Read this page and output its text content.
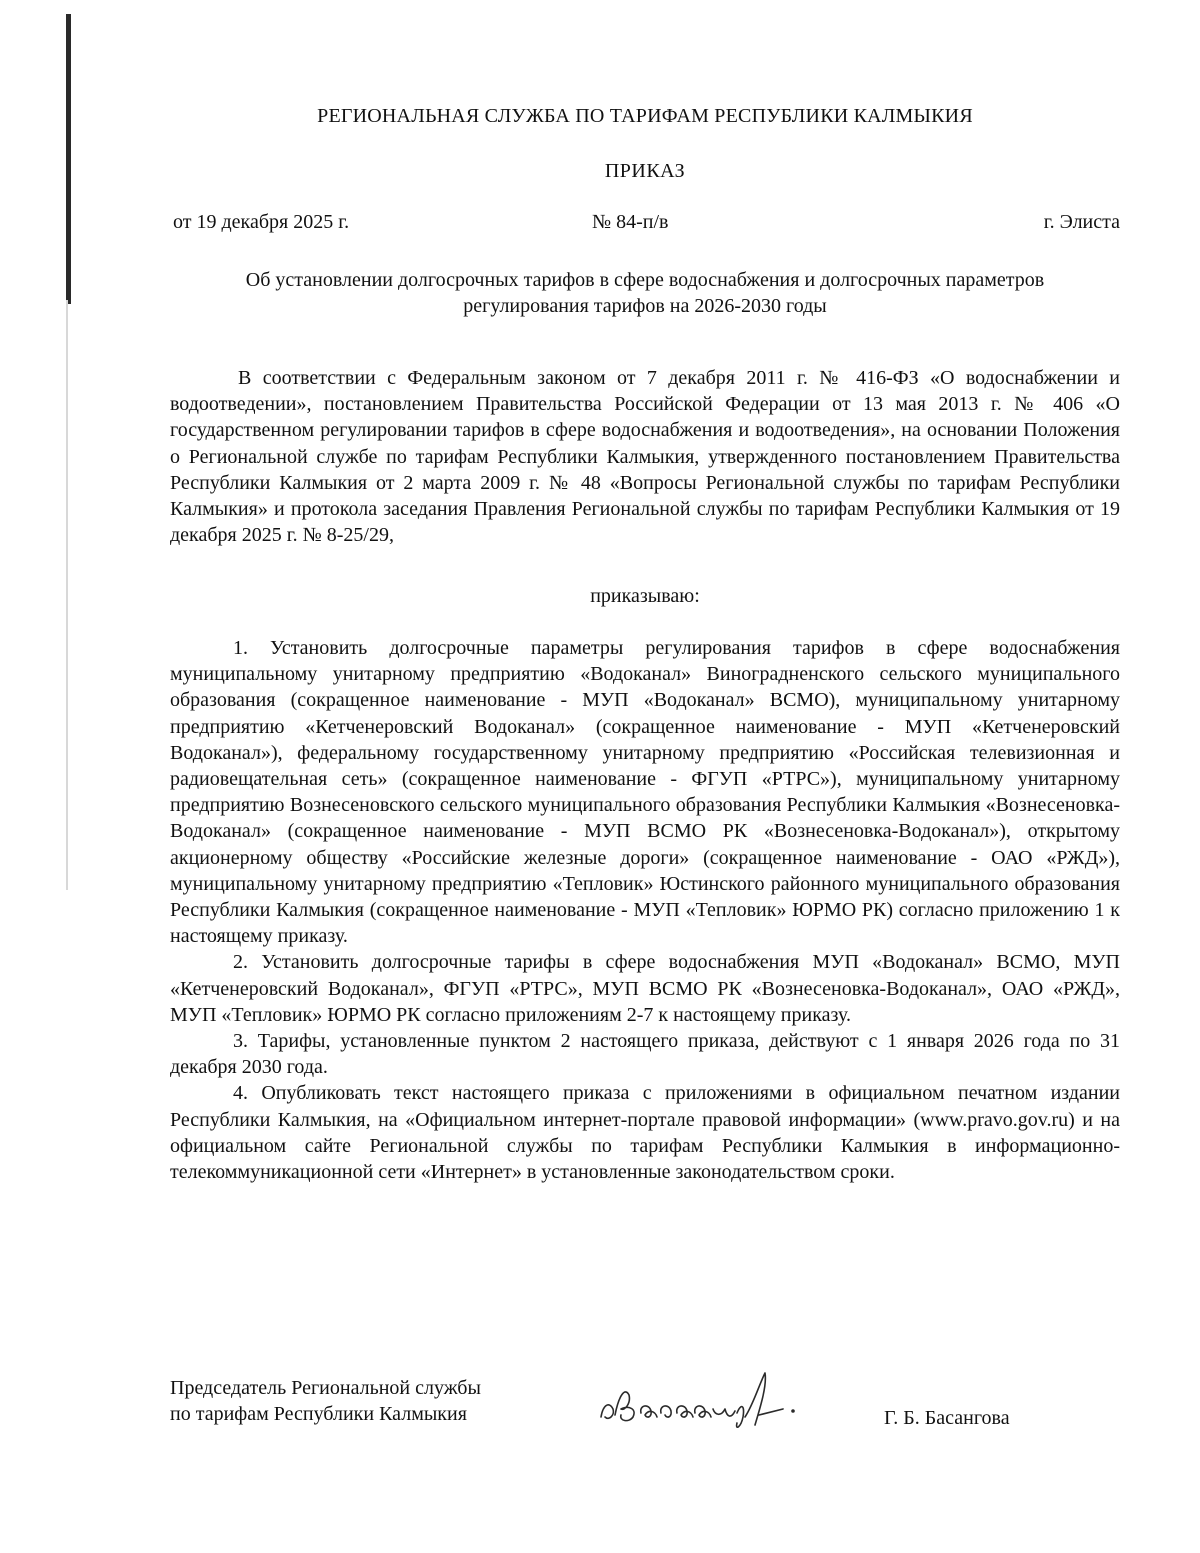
РЕГИОНАЛЬНАЯ СЛУЖБА ПО ТАРИФАМ РЕСПУБЛИКИ КАЛМЫКИЯ
ПРИКАЗ
от 19 декабря 2025 г.	№ 84-п/в	г. Элиста
Об установлении долгосрочных тарифов в сфере водоснабжения и долгосрочных параметров
регулирования тарифов на 2026-2030 годы

В соответствии с Федеральным законом от 7 декабря 2011 г. № 416-ФЗ «О водоснабжении и водоотведении», постановлением Правительства Российской Федерации от 13 мая 2013 г. № 406 «О государственном регулировании тарифов в сфере водоснабжения и водоотведения», на основании Положения о Региональной службе по тарифам Республики Калмыкия, утвержденного постановлением Правительства Республики Калмыкия от 2 марта 2009 г. № 48 «Вопросы Региональной службы по тарифам Республики Калмыкия» и протокола заседания Правления Региональной службы по тарифам Республики Калмыкия от 19 декабря 2025 г. № 8-25/29,

приказываю:

1. Установить долгосрочные параметры регулирования тарифов в сфере водоснабжения муниципальному унитарному предприятию «Водоканал» Виноградненского сельского муниципального образования (сокращенное наименование - МУП «Водоканал» ВСМО), муниципальному унитарному предприятию «Кетченеровский Водоканал» (сокращенное наименование - МУП «Кетченеровский Водоканал»), федеральному государственному унитарному предприятию «Российская телевизионная и радиовещательная сеть» (сокращенное наименование - ФГУП «РТРС»), муниципальному унитарному предприятию Вознесеновского сельского муниципального образования Республики Калмыкия «Вознесеновка-Водоканал» (сокращенное наименование - МУП ВСМО РК «Вознесеновка-Водоканал»), открытому акционерному обществу «Российские железные дороги» (сокращенное наименование - ОАО «РЖД»), муниципальному унитарному предприятию «Тепловик» Юстинского районного муниципального образования Республики Калмыкия (сокращенное наименование - МУП «Тепловик» ЮРМО РК) согласно приложению 1 к настоящему приказу.

2. Установить долгосрочные тарифы в сфере водоснабжения МУП «Водоканал» ВСМО, МУП «Кетченеровский Водоканал», ФГУП «РТРС», МУП ВСМО РК «Вознесеновка-Водоканал», ОАО «РЖД», МУП «Тепловик» ЮРМО РК согласно приложениям 2-7 к настоящему приказу.

3. Тарифы, установленные пунктом 2 настоящего приказа, действуют с 1 января 2026 года по 31 декабря 2030 года.

4. Опубликовать текст настоящего приказа с приложениями в официальном печатном издании Республики Калмыкия, на «Официальном интернет-портале правовой информации» (www.pravo.gov.ru) и на официальном сайте Региональной службы по тарифам Республики Калмыкия в информационно-телекоммуникационной сети «Интернет» в установленные законодательством сроки.

Председатель Региональной службы
по тарифам Республики Калмыкия	Г. Б. Басангова
